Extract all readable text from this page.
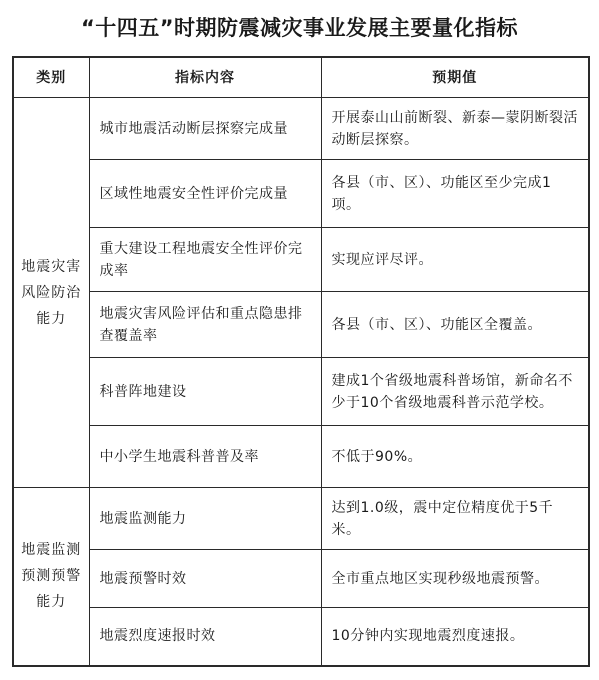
“十四五”时期防震减灾事业发展主要量化指标
类别	指标内容	预期值
地震灾害风险防治能力	城市地震活动断层探察完成量	开展泰山山前断裂、新泰—蒙阴断裂活动断层探察。
	区域性地震安全性评价完成量	各县（市、区）、功能区至少完成1项。
	重大建设工程地震安全性评价完成率	实现应评尽评。
	地震灾害风险评估和重点隐患排查覆盖率	各县（市、区）、功能区全覆盖。
	科普阵地建设	建成1个省级地震科普场馆，新命名不少于10个省级地震科普示范学校。
	中小学生地震科普普及率	不低于90%。
地震监测预测预警能力	地震监测能力	达到1.0级，震中定位精度优于5千米。
	地震预警时效	全市重点地区实现秒级地震预警。
	地震烈度速报时效	10分钟内实现地震烈度速报。
